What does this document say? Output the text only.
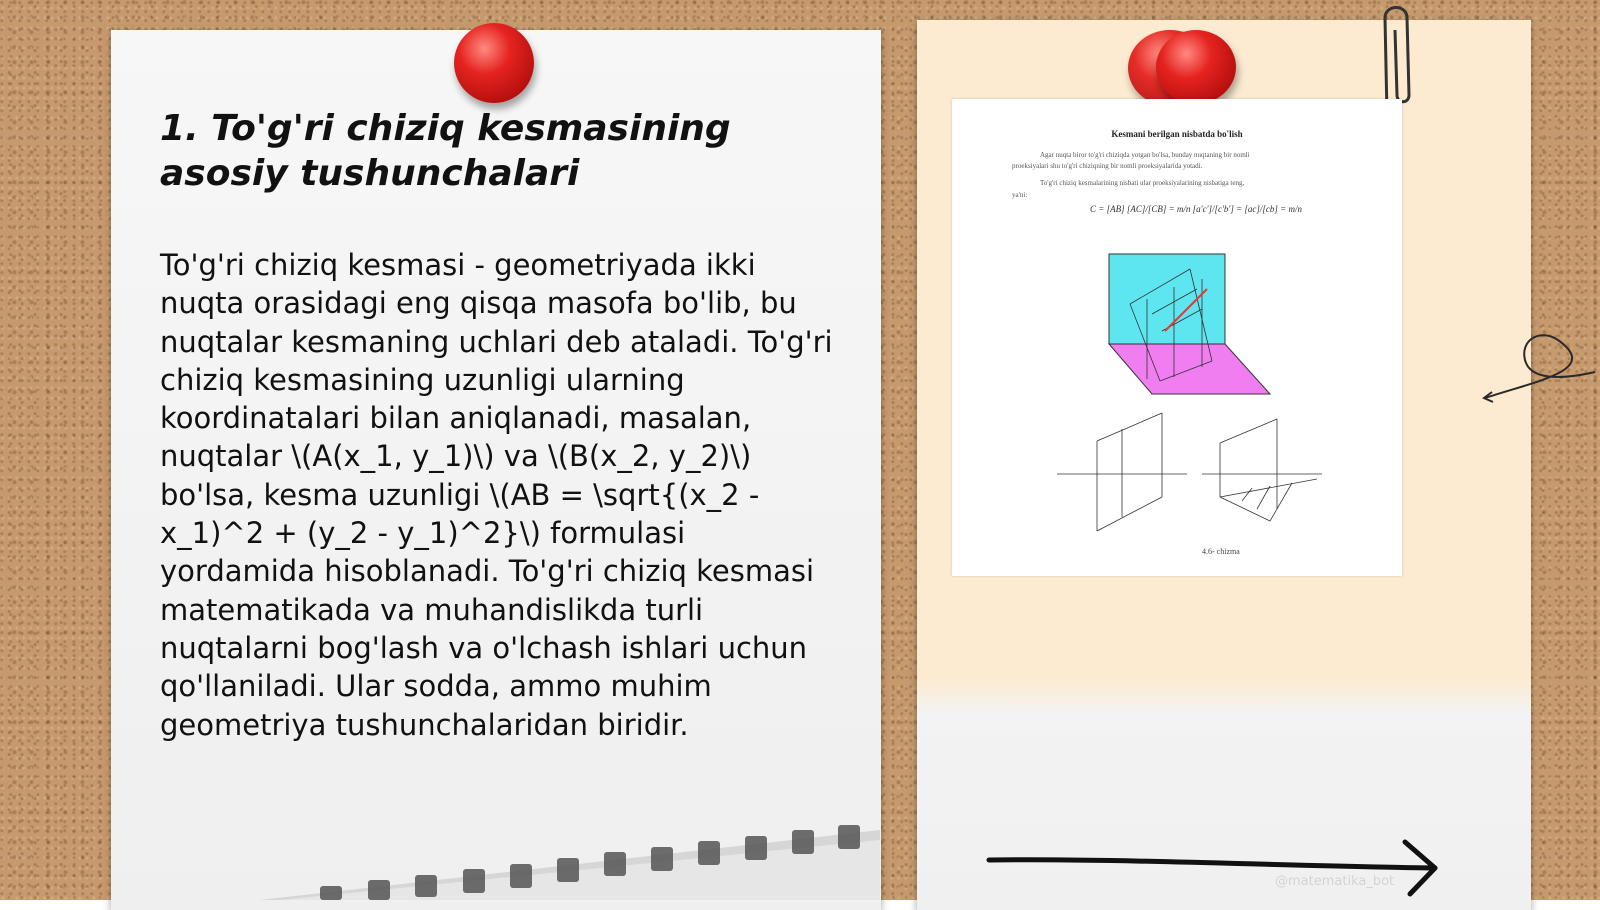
1. To'g'ri chiziq kesmasining asosiy tushunchalari

To'g'ri chiziq kesmasi - geometriyada ikki nuqta orasidagi eng qisqa masofa bo'lib, bu nuqtalar kesmaning uchlari deb ataladi. To'g'ri chiziq kesmasining uzunligi ularning koordinatalari bilan aniqlanadi, masalan, nuqtalar \(A(x_1, y_1)\) va \(B(x_2, y_2)\) bo'lsa, kesma uzunligi \(AB = \sqrt{(x_2 - x_1)^2 + (y_2 - y_1)^2}\) formulasi yordamida hisoblanadi. To'g'ri chiziq kesmasi matematikada va muhandislikda turli nuqtalarni bog'lash va o'lchash ishlari uchun qo'llaniladi. Ular sodda, ammo muhim geometriya tushunchalaridan biridir.

Kesmani berilgan nisbatda bo'lish
Agar nuqta biror to'g'ri chiziqda yotgan bo'lsa, bunday nuqtaning bir nomli
proeksiyalari shu to'g'ri chiziqning bir nomli proeksiyalarida yotadi.
To'g'ri chiziq kesmalarining nisbati ular proeksiyalarining nisbatiga teng,
ya'ni:
C = [AB] [AC]/[CB] = m/n [a'c']/[c'b'] = [ac]/[cb] = m/n
4.6- chizma
@matematika_bot
